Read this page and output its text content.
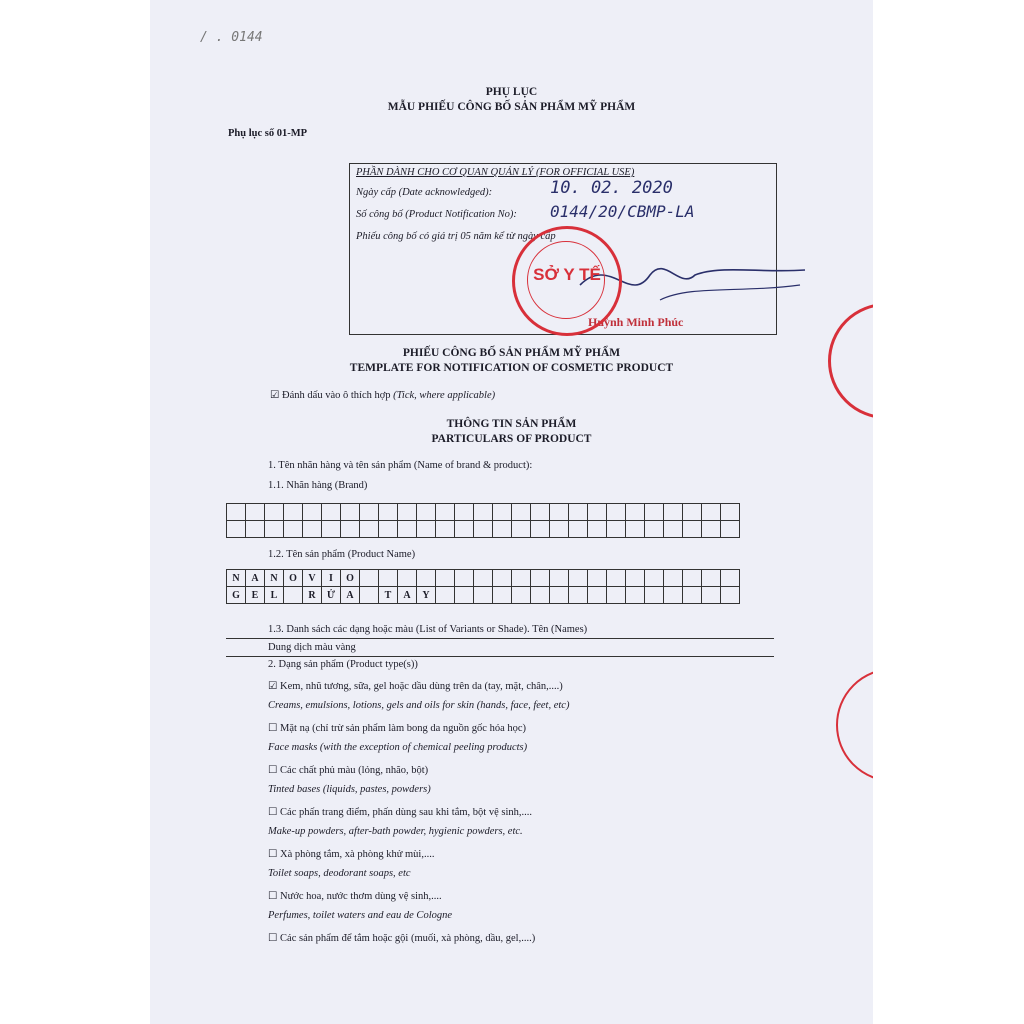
/ . 0144
PHỤ LỤC
MẪU PHIẾU CÔNG BỐ SẢN PHẨM MỸ PHẨM
Phụ lục số 01-MP
PHẦN DÀNH CHO CƠ QUAN QUẢN LÝ (FOR OFFICIAL USE)
Ngày cấp (Date acknowledged):	10. 02. 2020
Số công bố (Product Notification No): 0144/20/CBMP-LA
Phiếu công bố có giá trị 05 năm kể từ ngày cấp
Huỳnh Minh Phúc
SỞ Y TẾ
PHIẾU CÔNG BỐ SẢN PHẨM MỸ PHẨM
TEMPLATE FOR NOTIFICATION OF COSMETIC PRODUCT
☑ Đánh dấu vào ô thích hợp (Tick, where applicable)
THÔNG TIN SẢN PHẨM
PARTICULARS OF PRODUCT
1. Tên nhãn hàng và tên sản phẩm (Name of brand & product):
1.1. Nhãn hàng (Brand)

1.2. Tên sản phẩm (Product Name)
N	A	N	O	V	I	O																				
G	E	L		R	Ử	A		T	A	Y																
1.3. Danh sách các dạng hoặc màu (List of Variants or Shade). Tên (Names)
Dung dịch màu vàng
2. Dạng sản phẩm (Product type(s))
☑ Kem, nhũ tương, sữa, gel hoặc dầu dùng trên da (tay, mặt, chân,....)
Creams, emulsions, lotions, gels and oils for skin (hands, face, feet, etc)
☐ Mặt nạ (chỉ trừ sản phẩm làm bong da nguồn gốc hóa học)
Face masks (with the exception of chemical peeling products)
☐ Các chất phủ màu (lỏng, nhão, bột)
Tinted bases (liquids, pastes, powders)
☐ Các phấn trang điểm, phấn dùng sau khi tắm, bột vệ sinh,....
Make-up powders, after-bath powder, hygienic powders, etc.
☐ Xà phòng tắm, xà phòng khử mùi,....
Toilet soaps, deodorant soaps, etc
☐ Nước hoa, nước thơm dùng vệ sinh,....
Perfumes, toilet waters and eau de Cologne
☐ Các sản phẩm để tắm hoặc gội (muối, xà phòng, dầu, gel,....)
